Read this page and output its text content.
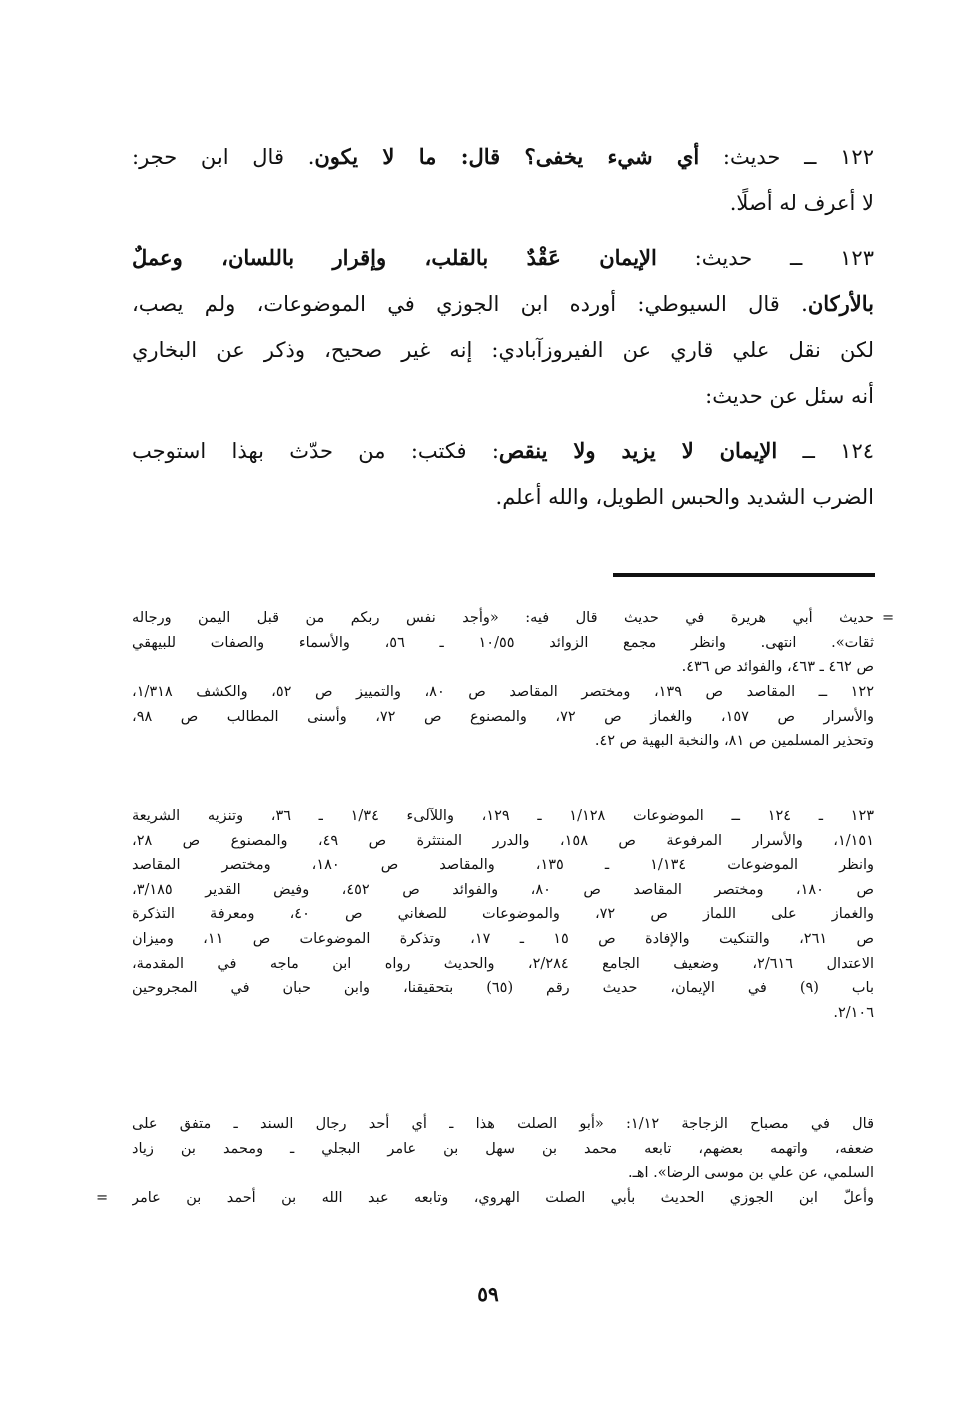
١٢٢ ــ حديث: أي شيء يخفى؟ قال: ما لا يكون. قال ابن حجر:
لا أعرف له أصلًا.
١٢٣ ــ حديث: الإيمان عَقْدٌ بالقلب، وإقرار باللسان، وعملٌ
بالأركان. قال السيوطي: أورده ابن الجوزي في الموضوعات، ولم يصب،
لكن نقل علي قاري عن الفيروزآبادي: إنه غير صحيح، وذكر عن البخاري
أنه سئل عن حديث:
١٢٤ ــ الإيمان لا يزيد ولا ينقص: فكتب: من حدّث بهذا استوجب
الضرب الشديد والحبس الطويل، والله أعلم.
=
حديث أبي هريرة في حديث قال فيه: «وأجد نفس ربكم من قبل اليمن ورجاله
ثقات». انتهى. وانظر مجمع الزوائد ١٠/٥٥ ـ ٥٦، والأسماء والصفات للبيهقي
ص ٤٦٢ ـ ٤٦٣، والفوائد ص ٤٣٦.
١٢٢ ــ المقاصد ص ١٣٩، ومختصر المقاصد ص ٨٠، والتمييز ص ٥٢، والكشف ١/٣١٨،
والأسرار ص ١٥٧، والغماز ص ٧٢، والمصنوع ص ٧٢، وأسنى المطالب ص ٩٨،
وتحذير المسلمين ص ٨١، والنخبة البهية ص ٤٢.
١٢٣ ـ ١٢٤ ــ الموضوعات ١/١٢٨ ـ ١٢٩، واللآلىء ١/٣٤ ـ ٣٦، وتنزيه الشريعة
١/١٥١، والأسرار المرفوعة ص ١٥٨، والدرر المنتثرة ص ٤٩، والمصنوع ص ٢٨،
وانظر الموضوعات ١/١٣٤ ـ ١٣٥، والمقاصد ص ١٨٠، ومختصر المقاصد
ص ١٨٠، ومختصر المقاصد ص ٨٠، والفوائد ص ٤٥٢، وفيض القدير ٣/١٨٥،
والغماز على اللماز ص ٧٢، والموضوعات للصغاني ص ٤٠، ومعرفة التذكرة
ص ٢٦١، والتنكيت والإفادة ص ١٥ ـ ١٧، وتذكرة الموضوعات ص ١١، وميزان
الاعتدال ٢/٦١٦، وضعيف الجامع ٢/٢٨٤، والحديث رواه ابن ماجه في المقدمة،
باب (٩) في الإيمان، حديث رقم (٦٥) بتحقيقنا، وابن حبان في المجروحين
٢/١٠٦.
قال في مصباح الزجاجة ١/١٢: «أبو الصلت هذا ـ أي أحد رجال السند ـ متفق على
ضعفه، واتهمه بعضهم، تابعه محمد بن سهل بن عامر البجلي ـ ومحمد بن زياد
السلمي، عن علي بن موسى الرضا». اهـ.
وأعلّ ابن الجوزي الحديث بأبي الصلت الهروي، وتابعه عبد الله بن أحمد بن عامر
=
٥٩
